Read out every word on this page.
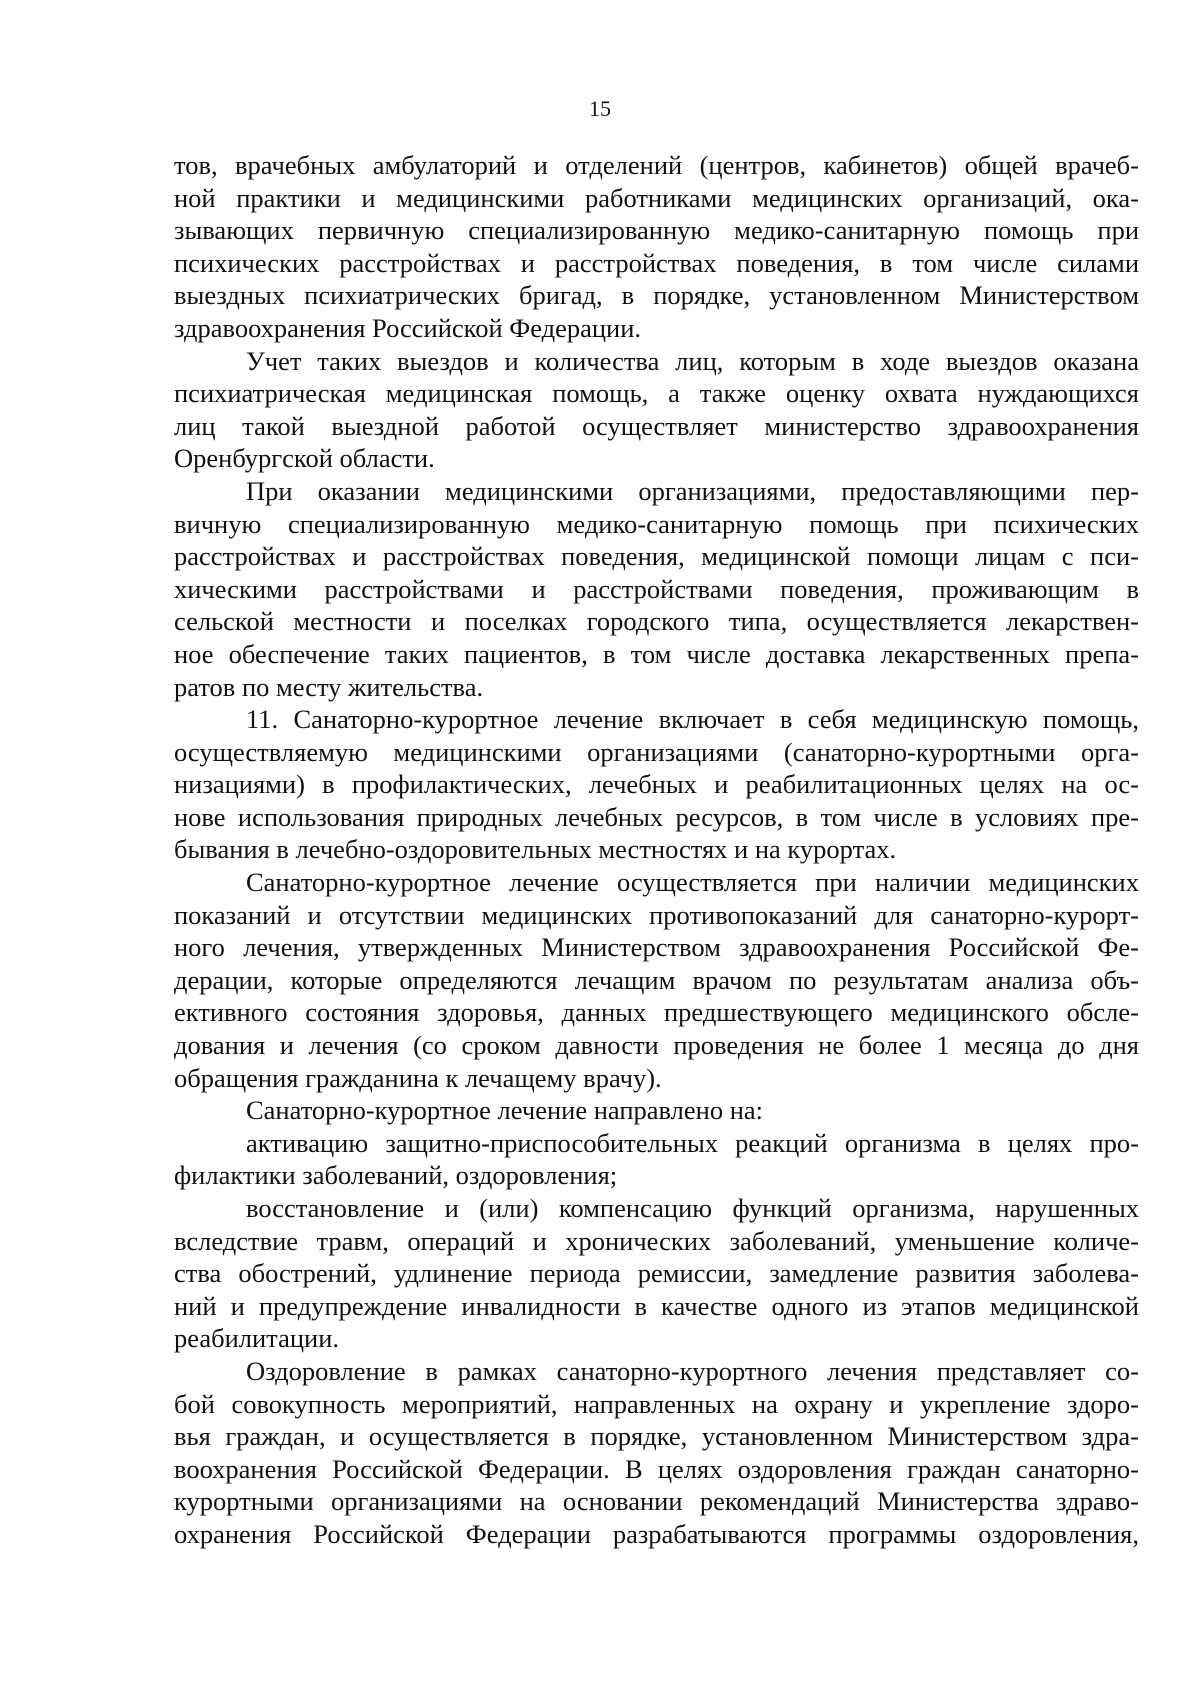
15
тов, врачебных амбулаторий и отделений (центров, кабинетов) общей врачеб-
ной практики и медицинскими работниками медицинских организаций, ока-
зывающих первичную специализированную медико-санитарную помощь при
психических расстройствах и расстройствах поведения, в том числе силами
выездных психиатрических бригад, в порядке, установленном Министерством
здравоохранения Российской Федерации.
Учет таких выездов и количества лиц, которым в ходе выездов оказана
психиатрическая медицинская помощь, а также оценку охвата нуждающихся
лиц такой выездной работой осуществляет министерство здравоохранения
Оренбургской области.
При оказании медицинскими организациями, предоставляющими пер-
вичную специализированную медико-санитарную помощь при психических
расстройствах и расстройствах поведения, медицинской помощи лицам с пси-
хическими расстройствами и расстройствами поведения, проживающим в
сельской местности и поселках городского типа, осуществляется лекарствен-
ное обеспечение таких пациентов, в том числе доставка лекарственных препа-
ратов по месту жительства.
11. Санаторно-курортное лечение включает в себя медицинскую помощь,
осуществляемую медицинскими организациями (санаторно-курортными орга-
низациями) в профилактических, лечебных и реабилитационных целях на ос-
нове использования природных лечебных ресурсов, в том числе в условиях пре-
бывания в лечебно-оздоровительных местностях и на курортах.
Санаторно-курортное лечение осуществляется при наличии медицинских
показаний и отсутствии медицинских противопоказаний для санаторно-курорт-
ного лечения, утвержденных Министерством здравоохранения Российской Фе-
дерации, которые определяются лечащим врачом по результатам анализа объ-
ективного состояния здоровья, данных предшествующего медицинского обсле-
дования и лечения (со сроком давности проведения не более 1 месяца до дня
обращения гражданина к лечащему врачу).
Санаторно-курортное лечение направлено на:
активацию защитно-приспособительных реакций организма в целях про-
филактики заболеваний, оздоровления;
восстановление и (или) компенсацию функций организма, нарушенных
вследствие травм, операций и хронических заболеваний, уменьшение количе-
ства обострений, удлинение периода ремиссии, замедление развития заболева-
ний и предупреждение инвалидности в качестве одного из этапов медицинской
реабилитации.
Оздоровление в рамках санаторно-курортного лечения представляет со-
бой совокупность мероприятий, направленных на охрану и укрепление здоро-
вья граждан, и осуществляется в порядке, установленном Министерством здра-
воохранения Российской Федерации. В целях оздоровления граждан санаторно-
курортными организациями на основании рекомендаций Министерства здраво-
охранения Российской Федерации разрабатываются программы оздоровления,
